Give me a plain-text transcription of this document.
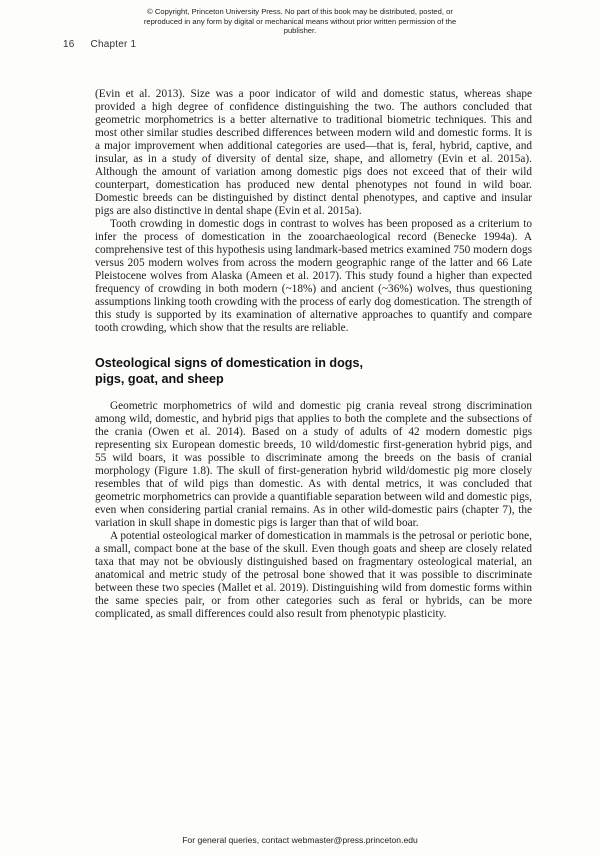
© Copyright, Princeton University Press. No part of this book may be distributed, posted, or reproduced in any form by digital or mechanical means without prior written permission of the publisher.
16 Chapter 1

(Evin et al. 2013). Size was a poor indicator of wild and domestic status, whereas shape provided a high degree of confidence distinguishing the two. The authors concluded that geometric morphometrics is a better alternative to traditional biometric techniques. This and most other similar studies described differences between modern wild and domestic forms. It is a major improvement when additional categories are used—that is, feral, hybrid, captive, and insular, as in a study of diversity of dental size, shape, and allometry (Evin et al. 2015a). Although the amount of variation among domestic pigs does not exceed that of their wild counterpart, domestication has produced new dental phenotypes not found in wild boar. Domestic breeds can be distinguished by distinct dental phenotypes, and captive and insular pigs are also distinctive in dental shape (Evin et al. 2015a).

Tooth crowding in domestic dogs in contrast to wolves has been proposed as a criterium to infer the process of domestication in the zooarchaeological record (Benecke 1994a). A comprehensive test of this hypothesis using landmark-based metrics examined 750 modern dogs versus 205 modern wolves from across the modern geographic range of the latter and 66 Late Pleistocene wolves from Alaska (Ameen et al. 2017). This study found a higher than expected frequency of crowding in both modern (~18%) and ancient (~36%) wolves, thus questioning assumptions linking tooth crowding with the process of early dog domestication. The strength of this study is supported by its examination of alternative approaches to quantify and compare tooth crowding, which show that the results are reliable.

Osteological signs of domestication in dogs,
pigs, goat, and sheep

Geometric morphometrics of wild and domestic pig crania reveal strong discrimination among wild, domestic, and hybrid pigs that applies to both the complete and the subsections of the crania (Owen et al. 2014). Based on a study of adults of 42 modern domestic pigs representing six European domestic breeds, 10 wild/domestic first-generation hybrid pigs, and 55 wild boars, it was possible to discriminate among the breeds on the basis of cranial morphology (Figure 1.8). The skull of first-generation hybrid wild/domestic pig more closely resembles that of wild pigs than domestic. As with dental metrics, it was concluded that geometric morphometrics can provide a quantifiable separation between wild and domestic pigs, even when considering partial cranial remains. As in other wild-domestic pairs (chapter 7), the variation in skull shape in domestic pigs is larger than that of wild boar.

A potential osteological marker of domestication in mammals is the petrosal or periotic bone, a small, compact bone at the base of the skull. Even though goats and sheep are closely related taxa that may not be obviously distinguished based on fragmentary osteological material, an anatomical and metric study of the petrosal bone showed that it was possible to discriminate between these two species (Mallet et al. 2019). Distinguishing wild from domestic forms within the same species pair, or from other categories such as feral or hybrids, can be more complicated, as small differences could also result from phenotypic plasticity.

For general queries, contact webmaster@press.princeton.edu
